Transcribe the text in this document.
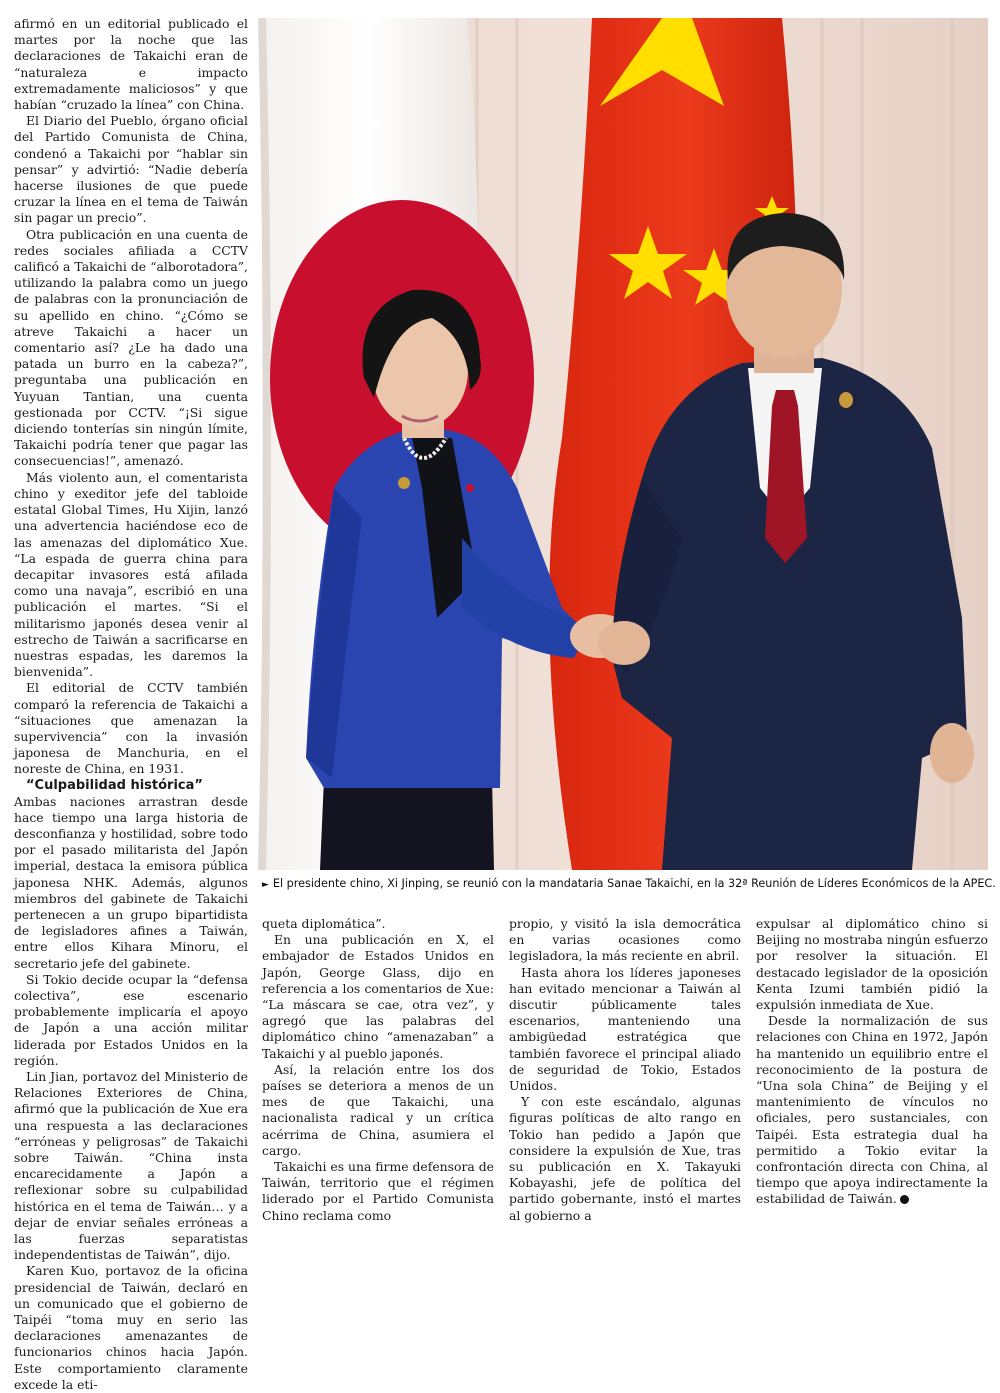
afirmó en un editorial publicado el martes por la noche que las declaraciones de Takaichi eran de “naturaleza e impacto extremadamente maliciosos” y que habían “cruzado la línea” con China.

El Diario del Pueblo, órgano oficial del Partido Comunista de China, condenó a Takaichi por “hablar sin pensar” y advirtió: “Nadie debería hacerse ilusiones de que puede cruzar la línea en el tema de Taiwán sin pagar un precio”.

Otra publicación en una cuenta de redes sociales afiliada a CCTV calificó a Takaichi de “alborotadora”, utilizando la palabra como un juego de palabras con la pronunciación de su apellido en chino. “¿Cómo se atreve Takaichi a hacer un comentario así? ¿Le ha dado una patada un burro en la cabeza?”, preguntaba una publicación en Yuyuan Tantian, una cuenta gestionada por CCTV. “¡Si sigue diciendo tonterías sin ningún límite, Takaichi podría tener que pagar las consecuencias!”, amenazó.

Más violento aun, el comentarista chino y exeditor jefe del tabloide estatal Global Times, Hu Xijin, lanzó una advertencia haciéndose eco de las amenazas del diplomático Xue. “La espada de guerra china para decapitar invasores está afilada como una navaja”, escribió en una publicación el martes. “Si el militarismo japonés desea venir al estrecho de Taiwán a sacrificarse en nuestras espadas, les daremos la bienvenida”.

El editorial de CCTV también comparó la referencia de Takaichi a “situaciones que amenazan la supervivencia” con la invasión japonesa de Manchuria, en el noreste de China, en 1931.

“Culpabilidad histórica”

Ambas naciones arrastran desde hace tiempo una larga historia de desconfianza y hostilidad, sobre todo por el pasado militarista del Japón imperial, destaca la emisora pública japonesa NHK. Además, algunos miembros del gabinete de Takaichi pertenecen a un grupo bipartidista de legisladores afines a Taiwán, entre ellos Kihara Minoru, el secretario jefe del gabinete.

Si Tokio decide ocupar la “defensa colectiva”, ese escenario probablemente implicaría el apoyo de Japón a una acción militar liderada por Estados Unidos en la región.

Lin Jian, portavoz del Ministerio de Relaciones Exteriores de China, afirmó que la publicación de Xue era una respuesta a las declaraciones “erróneas y peligrosas” de Takaichi sobre Taiwán. “China insta encarecidamente a Japón a reflexionar sobre su culpabilidad histórica en el tema de Taiwán… y a dejar de enviar señales erróneas a las fuerzas separatistas independentistas de Taiwán”, dijo.

Karen Kuo, portavoz de la oficina presidencial de Taiwán, declaró en un comunicado que el gobierno de Taipéi “toma muy en serio las declaraciones amenazantes de funcionarios chinos hacia Japón. Este comportamiento claramente excede la eti-

► El presidente chino, Xi Jinping, se reunió con la mandataria Sanae Takaichi, en la 32ª Reunión de Líderes Económicos de la APEC.

queta diplomática”.

En una publicación en X, el embajador de Estados Unidos en Japón, George Glass, dijo en referencia a los comentarios de Xue: “La máscara se cae, otra vez”, y agregó que las palabras del diplomático chino “amenazaban” a Takaichi y al pueblo japonés.

Así, la relación entre los dos países se deteriora a menos de un mes de que Takaichi, una nacionalista radical y un crítica acérrima de China, asumiera el cargo.

Takaichi es una firme defensora de Taiwán, territorio que el régimen liderado por el Partido Comunista Chino reclama como

propio, y visitó la isla democrática en varias ocasiones como legisladora, la más reciente en abril.

Hasta ahora los líderes japoneses han evitado mencionar a Taiwán al discutir públicamente tales escenarios, manteniendo una ambigüedad estratégica que también favorece el principal aliado de seguridad de Tokio, Estados Unidos.

Y con este escándalo, algunas figuras políticas de alto rango en Tokio han pedido a Japón que considere la expulsión de Xue, tras su publicación en X. Takayuki Kobayashi, jefe de política del partido gobernante, instó el martes al gobierno a

expulsar al diplomático chino si Beijing no mostraba ningún esfuerzo por resolver la situación. El destacado legislador de la oposición Kenta Izumi también pidió la expulsión inmediata de Xue.

Desde la normalización de sus relaciones con China en 1972, Japón ha mantenido un equilibrio entre el reconocimiento de la postura de “Una sola China” de Beijing y el mantenimiento de vínculos no oficiales, pero sustanciales, con Taipéi. Esta estrategia dual ha permitido a Tokio evitar la confrontación directa con China, al tiempo que apoya indirectamente la estabilidad de Taiwán.
